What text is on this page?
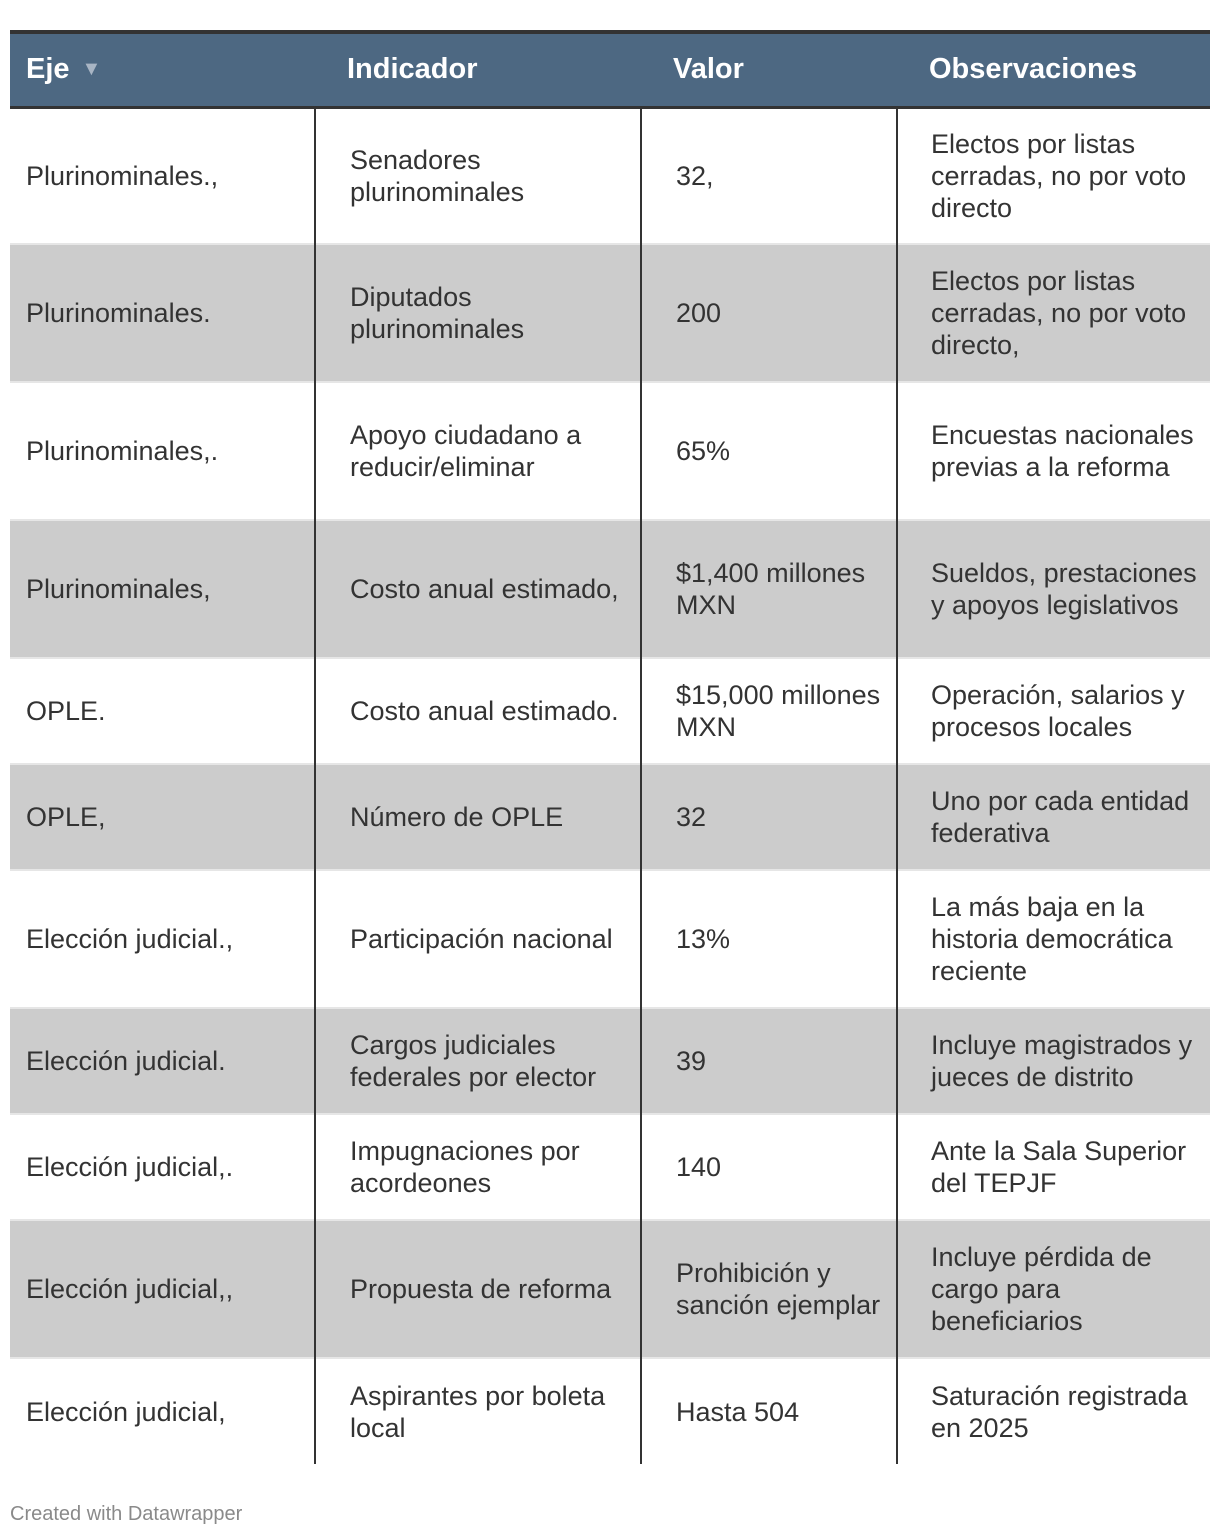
Eje ▼	Indicador	Valor	Observaciones
Plurinominales.,	Senadores plurinominales	32,	Electos por listas cerradas, no por voto directo
Plurinominales.	Diputados plurinominales	200	Electos por listas cerradas, no por voto directo,
Plurinominales,.	Apoyo ciudadano a reducir/eliminar	65%	Encuestas nacionales previas a la reforma
Plurinominales,	Costo anual estimado,	$1,400 millones MXN	Sueldos, prestaciones y apoyos legislativos
OPLE.	Costo anual estimado.	$15,000 millones MXN	Operación, salarios y procesos locales
OPLE,	Número de OPLE	32	Uno por cada entidad federativa
Elección judicial.,	Participación nacional	13%	La más baja en la historia democrática reciente
Elección judicial.	Cargos judiciales federales por elector	39	Incluye magistrados y jueces de distrito
Elección judicial,.	Impugnaciones por acordeones	140	Ante la Sala Superior del TEPJF
Elección judicial,,	Propuesta de reforma	Prohibición y sanción ejemplar	Incluye pérdida de cargo para beneficiarios
Elección judicial,	Aspirantes por boleta local	Hasta 504	Saturación registrada en 2025
Created with Datawrapper
